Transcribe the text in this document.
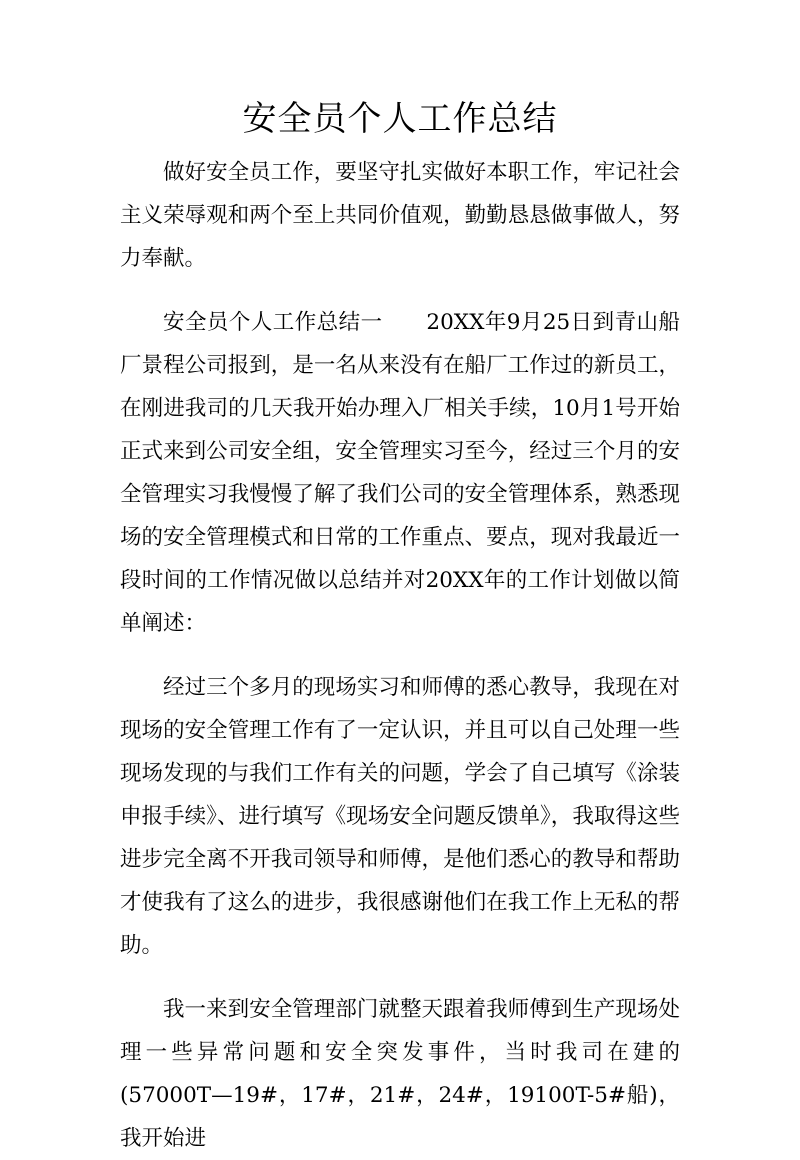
安全员个人工作总结

做好安全员工作，要坚守扎实做好本职工作，牢记社会主义荣辱观和两个至上共同价值观，勤勤恳恳做事做人，努力奉献。

安全员个人工作总结一　　20XX年9月25日到青山船厂景程公司报到，是一名从来没有在船厂工作过的新员工，在刚进我司的几天我开始办理入厂相关手续，10月1号开始正式来到公司安全组，安全管理实习至今，经过三个月的安全管理实习我慢慢了解了我们公司的安全管理体系，熟悉现场的安全管理模式和日常的工作重点、要点，现对我最近一段时间的工作情况做以总结并对20XX年的工作计划做以简单阐述：

经过三个多月的现场实习和师傅的悉心教导，我现在对现场的安全管理工作有了一定认识，并且可以自己处理一些现场发现的与我们工作有关的问题，学会了自己填写《涂装申报手续》、进行填写《现场安全问题反馈单》，我取得这些进步完全离不开我司领导和师傅，是他们悉心的教导和帮助才使我有了这么的进步，我很感谢他们在我工作上无私的帮助。

我一来到安全管理部门就整天跟着我师傅到生产现场处理一些异常问题和安全突发事件，当时我司在建的(57000T—19#，17#，21#，24#，19100T-5#船)，我开始进
